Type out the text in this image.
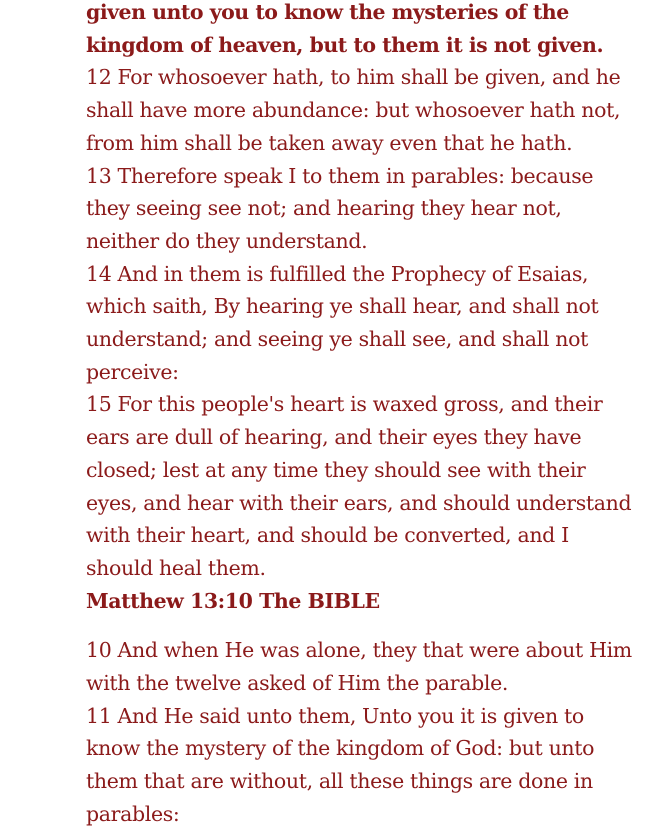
given unto you to know the mysteries of the
kingdom of heaven, but to them it is not given.
12 For whosoever hath, to him shall be given, and he
shall have more abundance: but whosoever hath not,
from him shall be taken away even that he hath.
13 Therefore speak I to them in parables: because
they seeing see not; and hearing they hear not,
neither do they understand.
14 And in them is fulfilled the Prophecy of Esaias,
which saith, By hearing ye shall hear, and shall not
understand; and seeing ye shall see, and shall not
perceive:
15 For this people's heart is waxed gross, and their
ears are dull of hearing, and their eyes they have
closed; lest at any time they should see with their
eyes, and hear with their ears, and should understand
with their heart, and should be converted, and I
should heal them.
Matthew 13:10 The BIBLE
10 And when He was alone, they that were about Him
with the twelve asked of Him the parable.
11 And He said unto them, Unto you it is given to
know the mystery of the kingdom of God: but unto
them that are without, all these things are done in
parables:
